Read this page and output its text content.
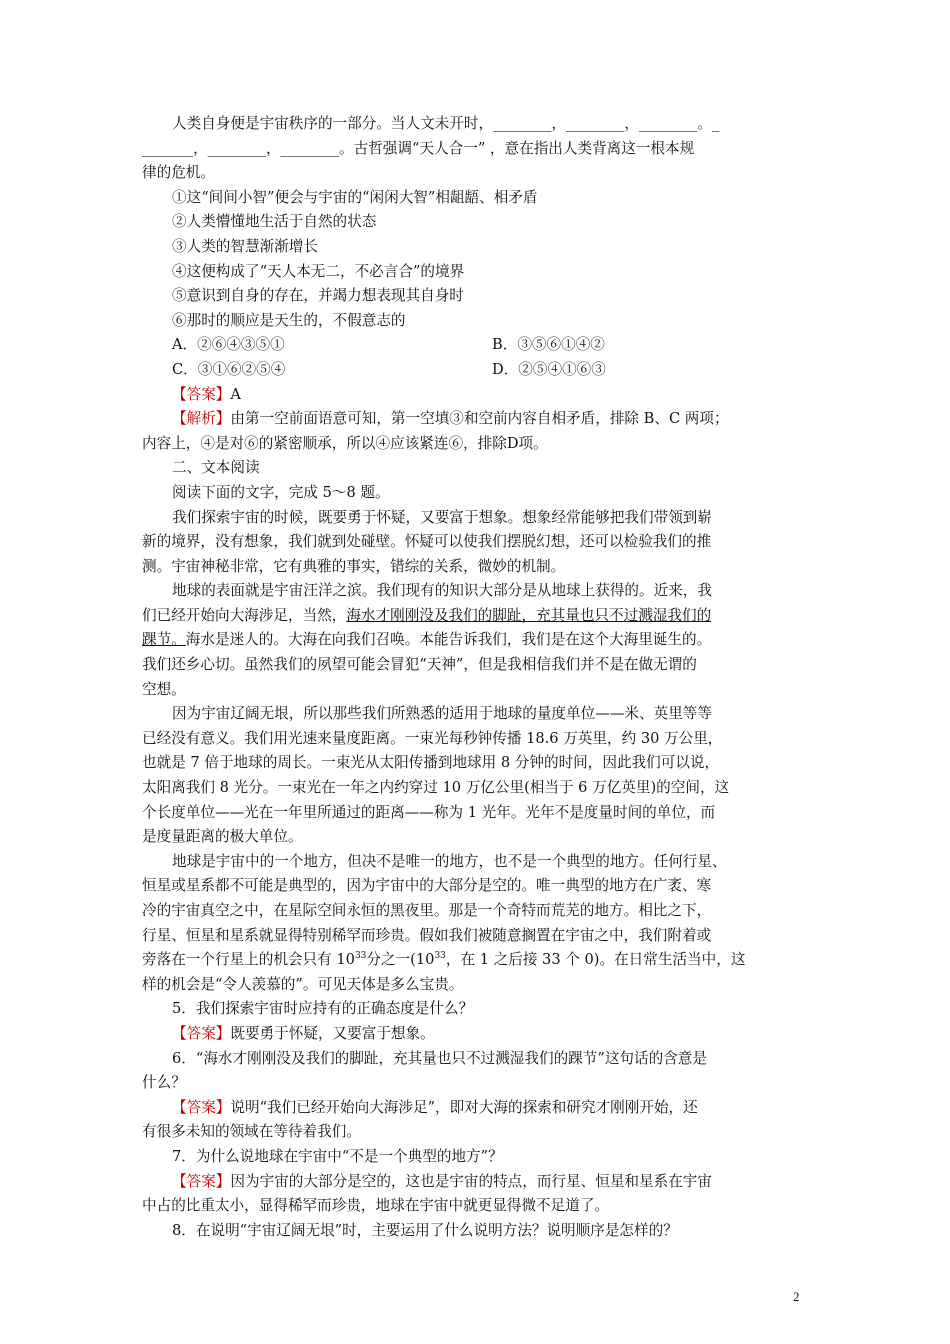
人类自身便是宇宙秩序的一部分。当人文未开时，________，________，________。_
_______，________，________。古哲强调“天人合一” ，意在指出人类背离这一根本规
律的危机。
①这“间间小智”便会与宇宙的“闲闲大智”相龃龉、相矛盾
②人类懵懂地生活于自然的状态
③人类的智慧渐渐增长
④这便构成了“天人本无二，不必言合”的境界
⑤意识到自身的存在，并竭力想表现其自身时
⑥那时的顺应是天生的，不假意志的
A．②⑥④③⑤①	B．③⑤⑥①④②
C．③①⑥②⑤④	D．②⑤④①⑥③
【答案】A
【解析】由第一空前面语意可知，第一空填③和空前内容自相矛盾，排除 B、C 两项；
内容上，④是对⑥的紧密顺承，所以④应该紧连⑥，排除D项。
二、文本阅读
阅读下面的文字，完成 5～8 题。
我们探索宇宙的时候，既要勇于怀疑，又要富于想象。想象经常能够把我们带领到崭
新的境界，没有想象，我们就到处碰壁。怀疑可以使我们摆脱幻想，还可以检验我们的推
测。宇宙神秘非常，它有典雅的事实，错综的关系，微妙的机制。
地球的表面就是宇宙汪洋之滨。我们现有的知识大部分是从地球上获得的。近来，我
们已经开始向大海涉足，当然，海水才刚刚没及我们的脚趾，充其量也只不过溅湿我们的
踝节。海水是迷人的。大海在向我们召唤。本能告诉我们，我们是在这个大海里诞生的。
我们还乡心切。虽然我们的夙望可能会冒犯“天神”，但是我相信我们并不是在做无谓的
空想。
因为宇宙辽阔无垠，所以那些我们所熟悉的适用于地球的量度单位——米、英里等等
已经没有意义。我们用光速来量度距离。一束光每秒钟传播 18.6 万英里，约 30 万公里，
也就是 7 倍于地球的周长。一束光从太阳传播到地球用 8 分钟的时间，因此我们可以说，
太阳离我们 8 光分。一束光在一年之内约穿过 10 万亿公里(相当于 6 万亿英里)的空间，这
个长度单位——光在一年里所通过的距离——称为 1 光年。光年不是度量时间的单位，而
是度量距离的极大单位。
地球是宇宙中的一个地方，但决不是唯一的地方，也不是一个典型的地方。任何行星、
恒星或星系都不可能是典型的，因为宇宙中的大部分是空的。唯一典型的地方在广袤、寒
冷的宇宙真空之中，在星际空间永恒的黑夜里。那是一个奇特而荒芜的地方。相比之下，
行星、恒星和星系就显得特别稀罕而珍贵。假如我们被随意搁置在宇宙之中，我们附着或
旁落在一个行星上的机会只有 $10^{33}$分之一($10^{33}$，在 1 之后接 33 个 0)。在日常生活当中，这
样的机会是“令人羡慕的”。可见天体是多么宝贵。
5．我们探索宇宙时应持有的正确态度是什么？
【答案】既要勇于怀疑，又要富于想象。
6．“海水才刚刚没及我们的脚趾，充其量也只不过溅湿我们的踝节”这句话的含意是
什么？
【答案】说明“我们已经开始向大海涉足”，即对大海的探索和研究才刚刚开始，还
有很多未知的领域在等待着我们。
7．为什么说地球在宇宙中“不是一个典型的地方”？
【答案】因为宇宙的大部分是空的，这也是宇宙的特点，而行星、恒星和星系在宇宙
中占的比重太小，显得稀罕而珍贵，地球在宇宙中就更显得微不足道了。
8．在说明“宇宙辽阔无垠”时，主要运用了什么说明方法？说明顺序是怎样的？
2
